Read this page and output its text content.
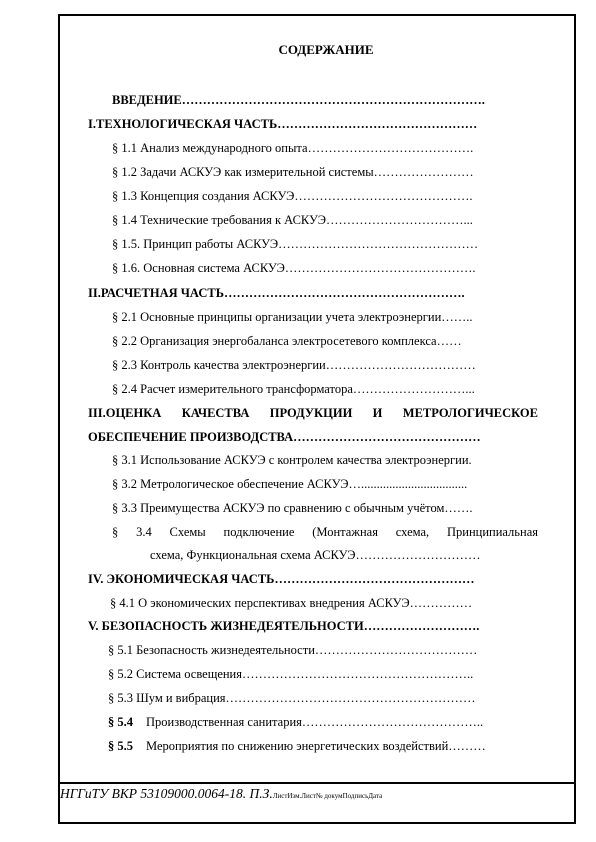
СОДЕРЖАНИЕ
ВВЕДЕНИЕ……………………………………………………………….
I.ТЕХНОЛОГИЧЕСКАЯ ЧАСТЬ…………………………………………
§ 1.1 Анализ международного опыта………………………………….
§ 1.2 Задачи АСКУЭ как измерительной системы……………………
§ 1.3 Концепция создания АСКУЭ…………………………………….
§ 1.4 Технические требования к АСКУЭ……………………………...
§ 1.5. Принцип работы АСКУЭ…………………………………………
§ 1.6. Основная система АСКУЭ……………………………………….
II.РАСЧЕТНАЯ ЧАСТЬ………………………………………………….
§ 2.1 Основные принципы организации учета электроэнергии……..
§ 2.2 Организация энергобаланса электросетевого комплекса……
§ 2.3 Контроль качества электроэнергии………………………………
§ 2.4 Расчет измерительного трансформатора………………………...
III.ОЦЕНКА КАЧЕСТВА ПРОДУКЦИИ И МЕТРОЛОГИЧЕСКОЕ
ОБЕСПЕЧЕНИЕ ПРОИЗВОДСТВА………………………………………
§ 3.1 Использование АСКУЭ с контролем качества электроэнергии.
§ 3.2 Метрологическое обеспечение АСКУЭ…..................................
§ 3.3 Преимущества АСКУЭ по сравнению с обычным учётом…….
§ 3.4 Схемы подключение (Монтажная схема, Принципиальная
схема, Функциональная схема АСКУЭ…………………………
IV. ЭКОНОМИЧЕСКАЯ ЧАСТЬ…………………………………………
§ 4.1 О экономических перспективах внедрения АСКУЭ……………
V. БЕЗОПАСНОСТЬ ЖИЗНЕДЕЯТЕЛЬНОСТИ……………………….
§ 5.1 Безопасность жизнедеятельности…………………………………
§ 5.2 Система освещения………………………………………………..
§ 5.3 Шум и вибрация……………………………………………………
§ 5.4 Производственная санитария……………………………………..
§ 5.5 Мероприятия по снижению энергетических воздействий………
НГГиТУ ВКР 53109000.0064-18. П.З.ЛистИзм.Лист№ докумПодписьДата
